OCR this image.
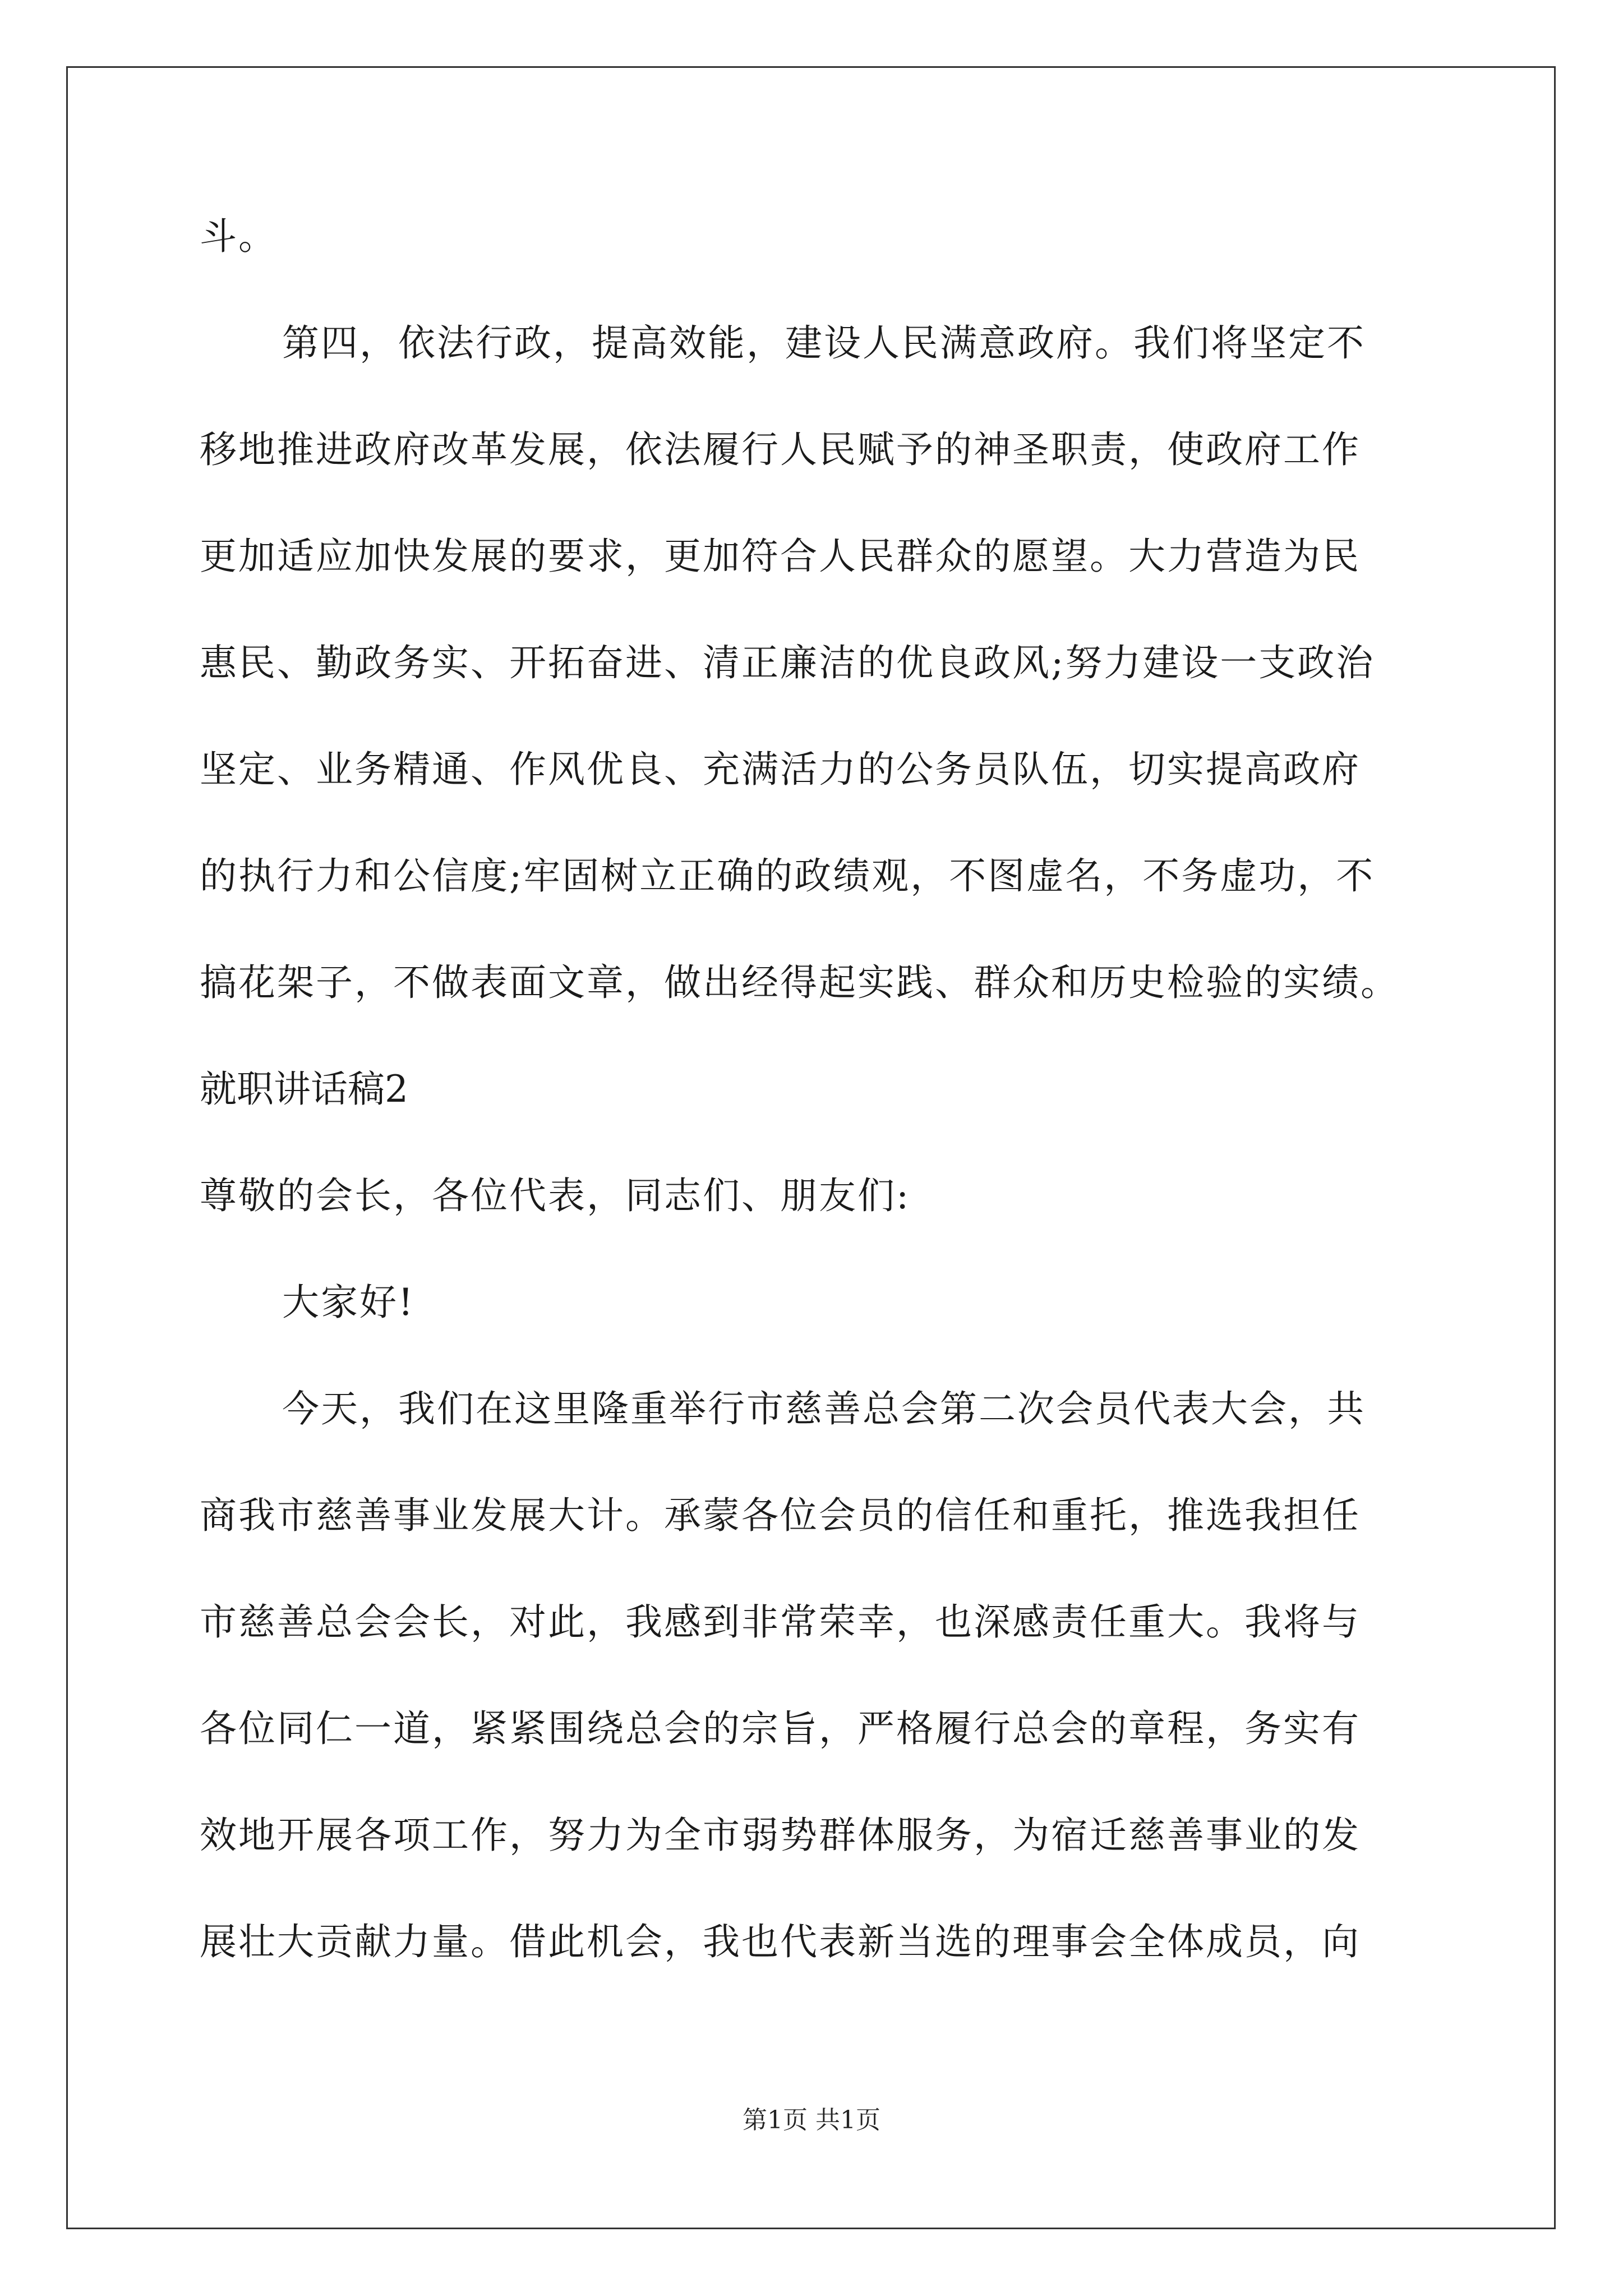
斗。
第四，依法行政，提高效能，建设人民满意政府。我们将坚定不
移地推进政府改革发展，依法履行人民赋予的神圣职责，使政府工作
更加适应加快发展的要求，更加符合人民群众的愿望。大力营造为民
惠民、勤政务实、开拓奋进、清正廉洁的优良政风;努力建设一支政治
坚定、业务精通、作风优良、充满活力的公务员队伍，切实提高政府
的执行力和公信度;牢固树立正确的政绩观，不图虚名，不务虚功，不
搞花架子，不做表面文章，做出经得起实践、群众和历史检验的实绩。
就职讲话稿2
尊敬的会长，各位代表，同志们、朋友们:
大家好!
今天，我们在这里隆重举行市慈善总会第二次会员代表大会，共
商我市慈善事业发展大计。承蒙各位会员的信任和重托，推选我担任
市慈善总会会长，对此，我感到非常荣幸，也深感责任重大。我将与
各位同仁一道，紧紧围绕总会的宗旨，严格履行总会的章程，务实有
效地开展各项工作，努力为全市弱势群体服务，为宿迁慈善事业的发
展壮大贡献力量。借此机会，我也代表新当选的理事会全体成员，向
第1页 共1页
